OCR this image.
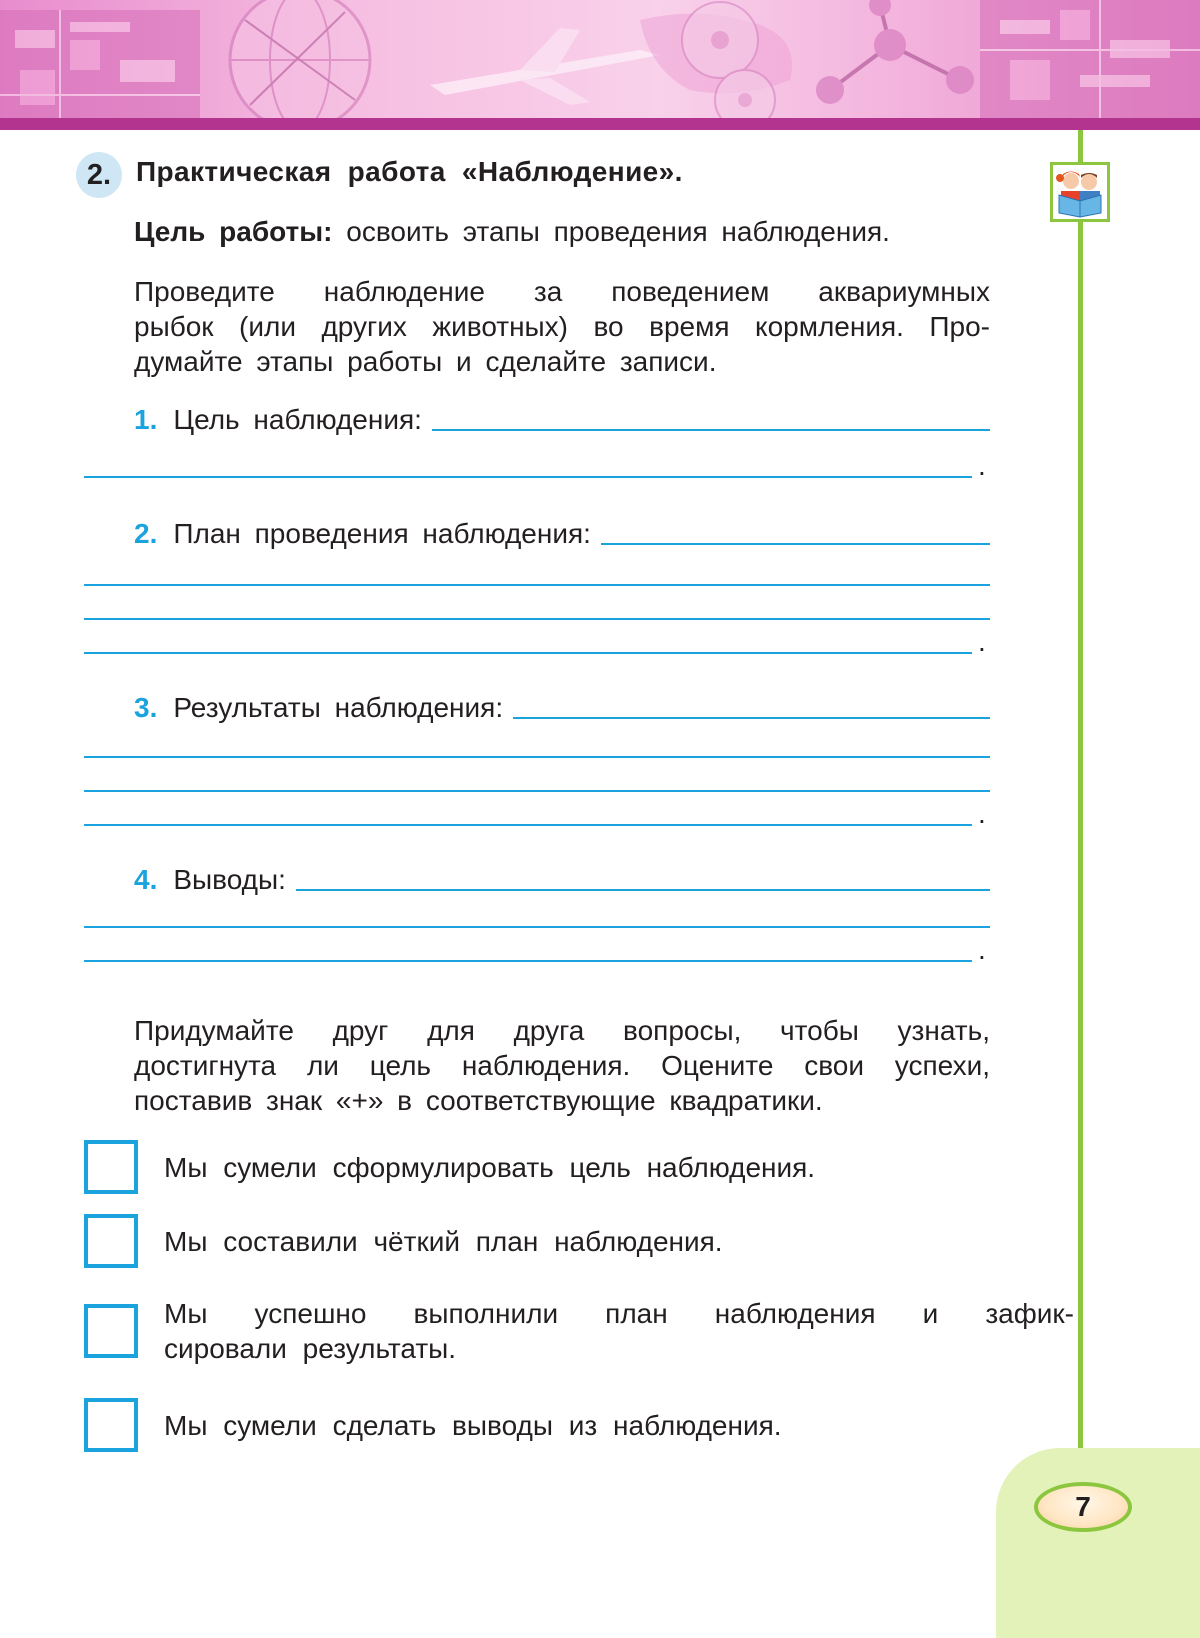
2. Практическая работа «Наблюдение».
Цель работы: освоить этапы проведения наблюдения.
Проведите наблюдение за поведением аквариумных
рыбок (или других животных) во время кормления. Про-
думайте этапы работы и сделайте записи.
1. Цель наблюдения:
.
2. План проведения наблюдения:
.
3. Результаты наблюдения:
.
4. Выводы:
.
Придумайте друг для друга вопросы, чтобы узнать,
достигнута ли цель наблюдения. Оцените свои успехи,
поставив знак «+» в соответствующие квадратики.
Мы сумели сформулировать цель наблюдения.
Мы составили чёткий план наблюдения.
Мы успешно выполнили план наблюдения и зафик-
сировали результаты.
Мы сумели сделать выводы из наблюдения.
7
